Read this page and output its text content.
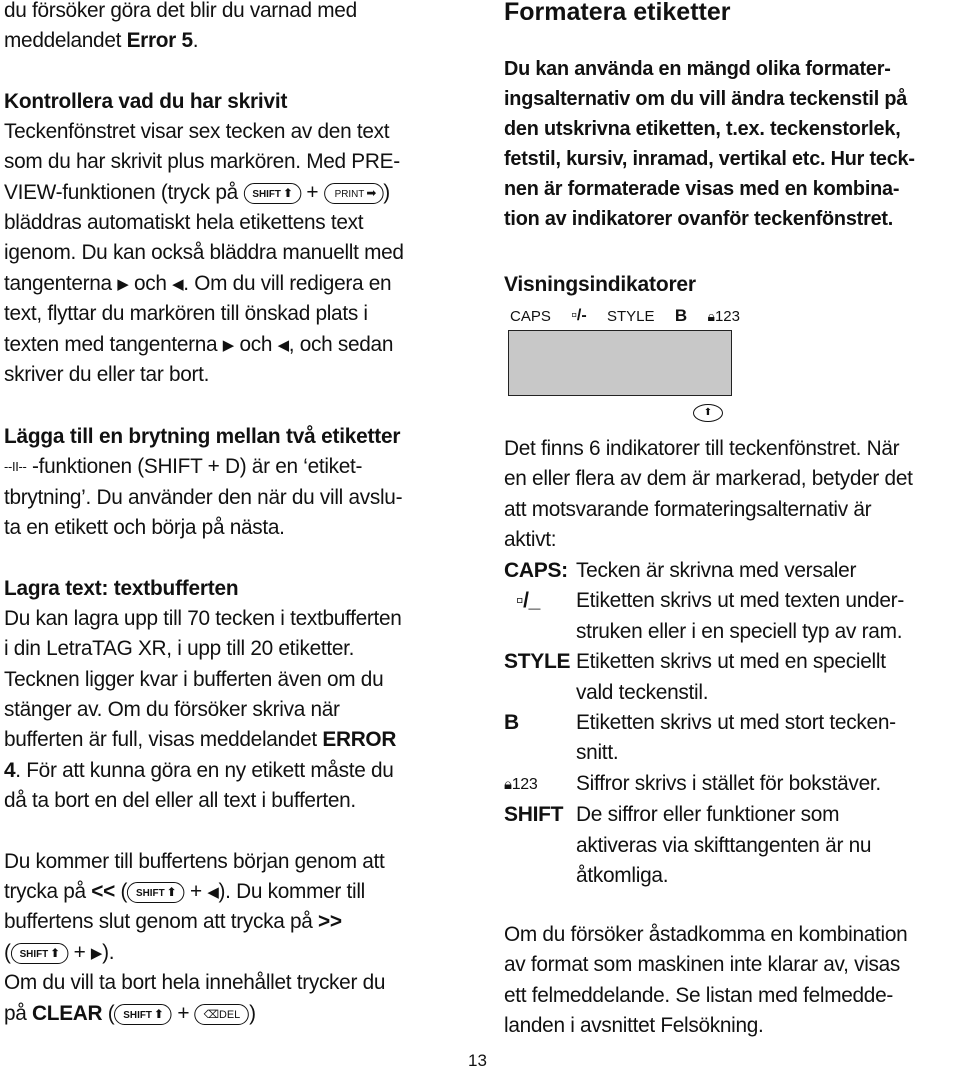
du försöker göra det blir du varnad med

meddelandet Error 5.

Kontrollera vad du har skrivit

Teckenfönstret visar sex tecken av den text

som du har skrivit plus markören. Med PRE-

VIEW-funktionen (tryck på SHIFT ⬆ + PRINT ➡ )

bläddras automatiskt hela etikettens text

igenom. Du kan också bläddra manuellt med

tangenterna ▶ och ◀. Om du vill redigera en

text, flyttar du markören till önskad plats i

texten med tangenterna ▶ och ◀, och sedan

skriver du eller tar bort.

Lägga till en brytning mellan två etiketter

--II-- -funktionen (SHIFT + D) är en ‘etiket-

tbrytning’. Du använder den när du vill avslu-

ta en etikett och börja på nästa.

Lagra text: textbufferten

Du kan lagra upp till 70 tecken i textbufferten

i din LetraTAG XR, i upp till 20 etiketter.

Tecknen ligger kvar i bufferten även om du

stänger av. Om du försöker skriva när

bufferten är full, visas meddelandet ERROR

4. För att kunna göra en ny etikett måste du

då ta bort en del eller all text i bufferten.

Du kommer till buffertens början genom att

trycka på << ( SHIFT ⬆ + ◀). Du kommer till

buffertens slut genom att trycka på >>

( SHIFT ⬆ + ▶).

Om du vill ta bort hela innehållet trycker du

på CLEAR ( SHIFT ⬆ + ⌫DEL )

Formatera etiketter

Du kan använda en mängd olika formater-

ingsalternativ om du vill ändra teckenstil på

den utskrivna etiketten, t.ex. teckenstorlek,

fetstil, kursiv, inramad, vertikal etc. Hur teck-

nen är formaterade visas med en kombina-

tion av indikatorer ovanför teckenfönstret.

Visningsindikatorer
CAPS ▫/- STYLE B 🔒︎123
⬆

Det finns 6 indikatorer till teckenfönstret. När

en eller flera av dem är markerad, betyder det

att motsvarande formateringsalternativ är

aktivt:

CAPS: Tecken är skrivna med versaler

▫/_	Etiketten skrivs ut med texten under-

struken eller i en speciell typ av ram.

STYLE Etiketten skrivs ut med en speciellt

vald teckenstil.

B	Etiketten skrivs ut med stort tecken-

snitt.

🔒︎123	Siffror skrivs i stället för bokstäver.

SHIFT De siffror eller funktioner som

aktiveras via skifttangenten är nu

åtkomliga.

Om du försöker åstadkomma en kombination

av format som maskinen inte klarar av, visas

ett felmeddelande. Se listan med felmedde-

landen i avsnittet Felsökning.

13
